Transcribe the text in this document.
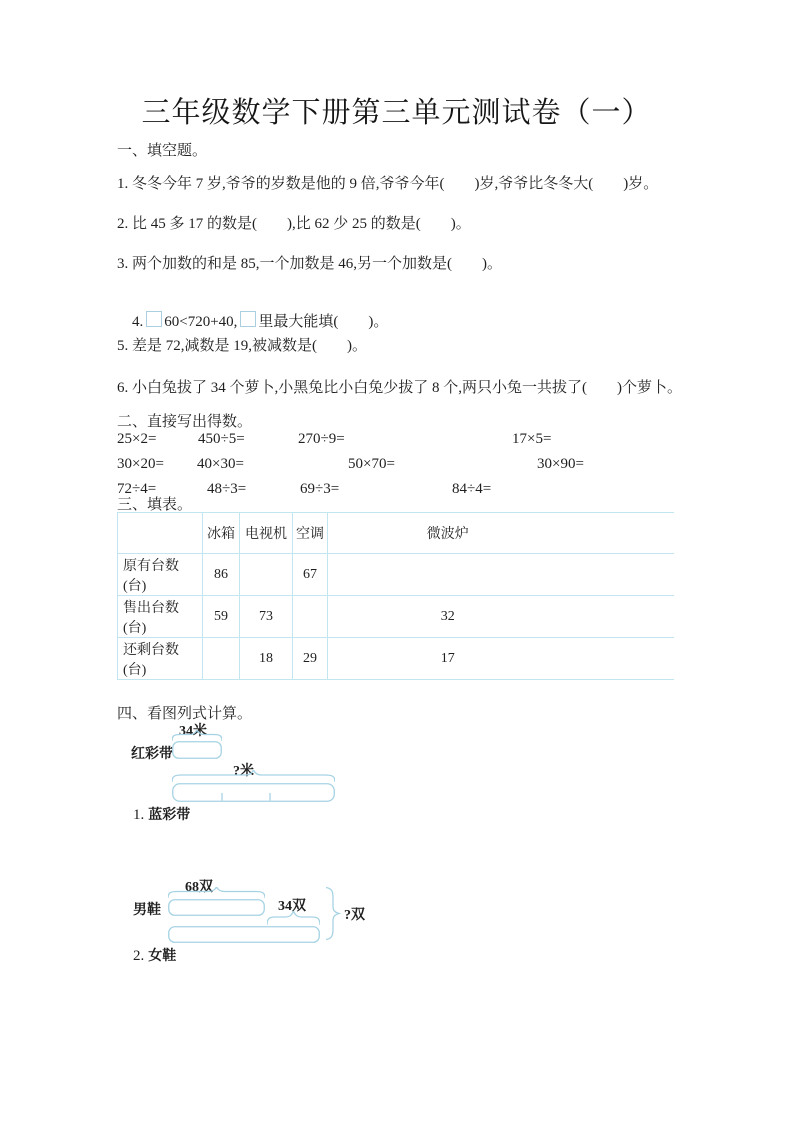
三年级数学下册第三单元测试卷（一）
一、填空题。
1. 冬冬今年 7 岁,爷爷的岁数是他的 9 倍,爷爷今年(　　)岁,爷爷比冬冬大(　　)岁。
2. 比 45 多 17 的数是(　　),比 62 少 25 的数是(　　)。
3. 两个加数的和是 85,一个加数是 46,另一个加数是(　　)。

4. 60<720+40, 里最大能填(　　)。

5. 差是 72,减数是 19,被减数是(　　)。
6. 小白兔拔了 34 个萝卜,小黑兔比小白兔少拔了 8 个,两只小兔一共拔了(　　)个萝卜。
二、直接写出得数。
25×2=	450÷5=	270÷9=	17×5=
30×20= 40×30=	50×70=	30×90=
72÷4=	48÷3=	69÷3=	84÷4=
三、填表。
	冰箱	电视机	空调	微波炉
原有台数(台)	86		67	
售出台数(台)	59	73		32
还剩台数(台)		18	29	17
四、看图列式计算。
34米
红彩带
?米

1. 蓝彩带

68双
男鞋	34双

2. 女鞋

?双
